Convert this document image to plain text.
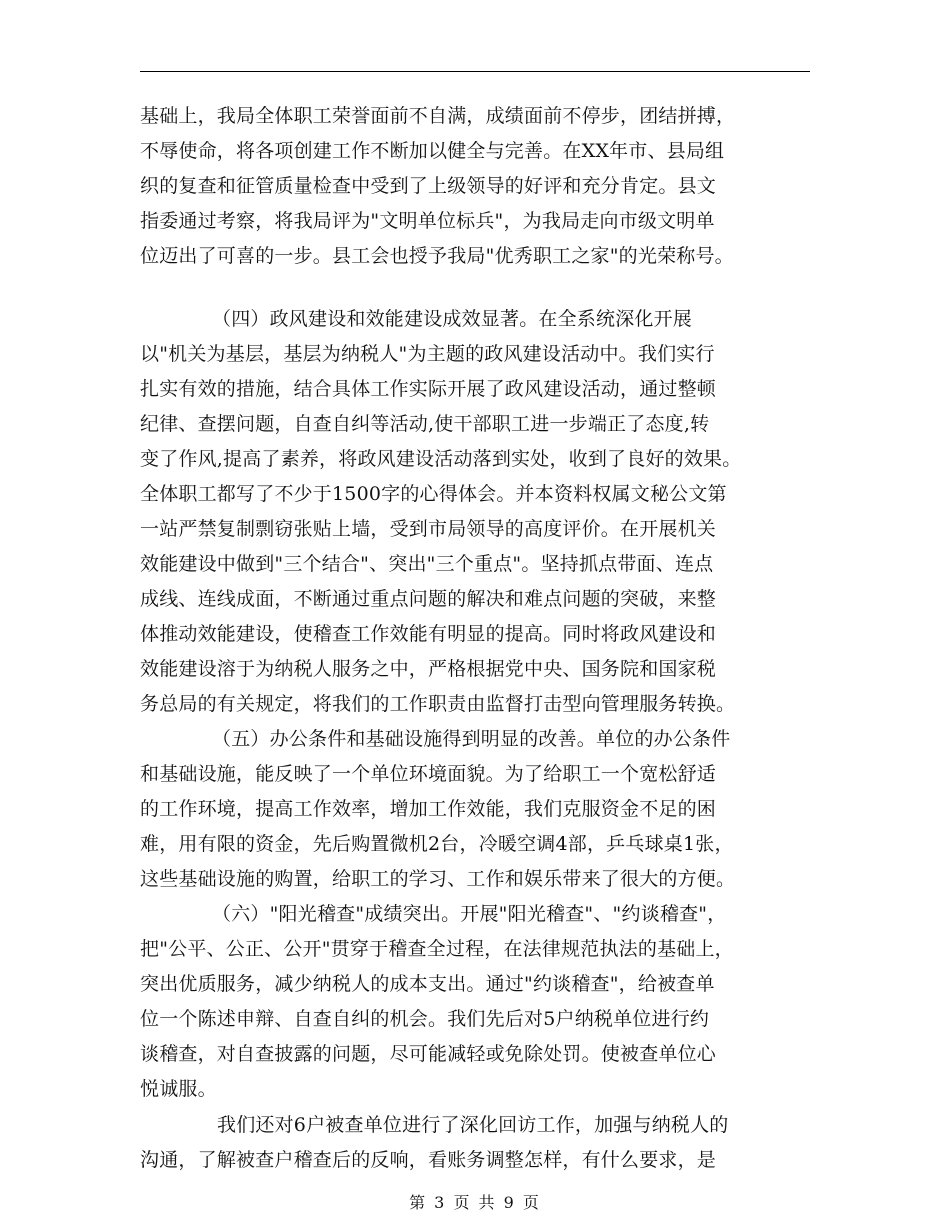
基础上，我局全体职工荣誉面前不自满，成绩面前不停步，团结拼搏，
不辱使命，将各项创建工作不断加以健全与完善。在XX年市、县局组
织的复查和征管质量检查中受到了上级领导的好评和充分肯定。县文
指委通过考察，将我局评为"文明单位标兵"，为我局走向市级文明单
位迈出了可喜的一步。县工会也授予我局"优秀职工之家"的光荣称号。
（四）政风建设和效能建设成效显著。在全系统深化开展
以"机关为基层，基层为纳税人"为主题的政风建设活动中。我们实行
扎实有效的措施，结合具体工作实际开展了政风建设活动，通过整顿
纪律、查摆问题，自查自纠等活动,使干部职工进一步端正了态度,转
变了作风,提高了素养，将政风建设活动落到实处，收到了良好的效果。
全体职工都写了不少于1500字的心得体会。并本资料权属文秘公文第
一站严禁复制剽窃张贴上墙，受到市局领导的高度评价。在开展机关
效能建设中做到"三个结合"、突出"三个重点"。坚持抓点带面、连点
成线、连线成面，不断通过重点问题的解决和难点问题的突破，来整
体推动效能建设，使稽查工作效能有明显的提高。同时将政风建设和
效能建设溶于为纳税人服务之中，严格根据党中央、国务院和国家税
务总局的有关规定，将我们的工作职责由监督打击型向管理服务转换。
（五）办公条件和基础设施得到明显的改善。单位的办公条件
和基础设施，能反映了一个单位环境面貌。为了给职工一个宽松舒适
的工作环境，提高工作效率，增加工作效能，我们克服资金不足的困
难，用有限的资金，先后购置微机2台，冷暖空调4部，乒乓球桌1张，
这些基础设施的购置，给职工的学习、工作和娱乐带来了很大的方便。
（六）"阳光稽查"成绩突出。开展"阳光稽查"、"约谈稽查"，
把"公平、公正、公开"贯穿于稽查全过程，在法律规范执法的基础上，
突出优质服务，减少纳税人的成本支出。通过"约谈稽查"，给被查单
位一个陈述申辩、自查自纠的机会。我们先后对5户纳税单位进行约
谈稽查，对自查披露的问题，尽可能减轻或免除处罚。使被查单位心
悦诚服。
我们还对6户被查单位进行了深化回访工作，加强与纳税人的
沟通，了解被查户稽查后的反响，看账务调整怎样，有什么要求，是
第 3 页 共 9 页
